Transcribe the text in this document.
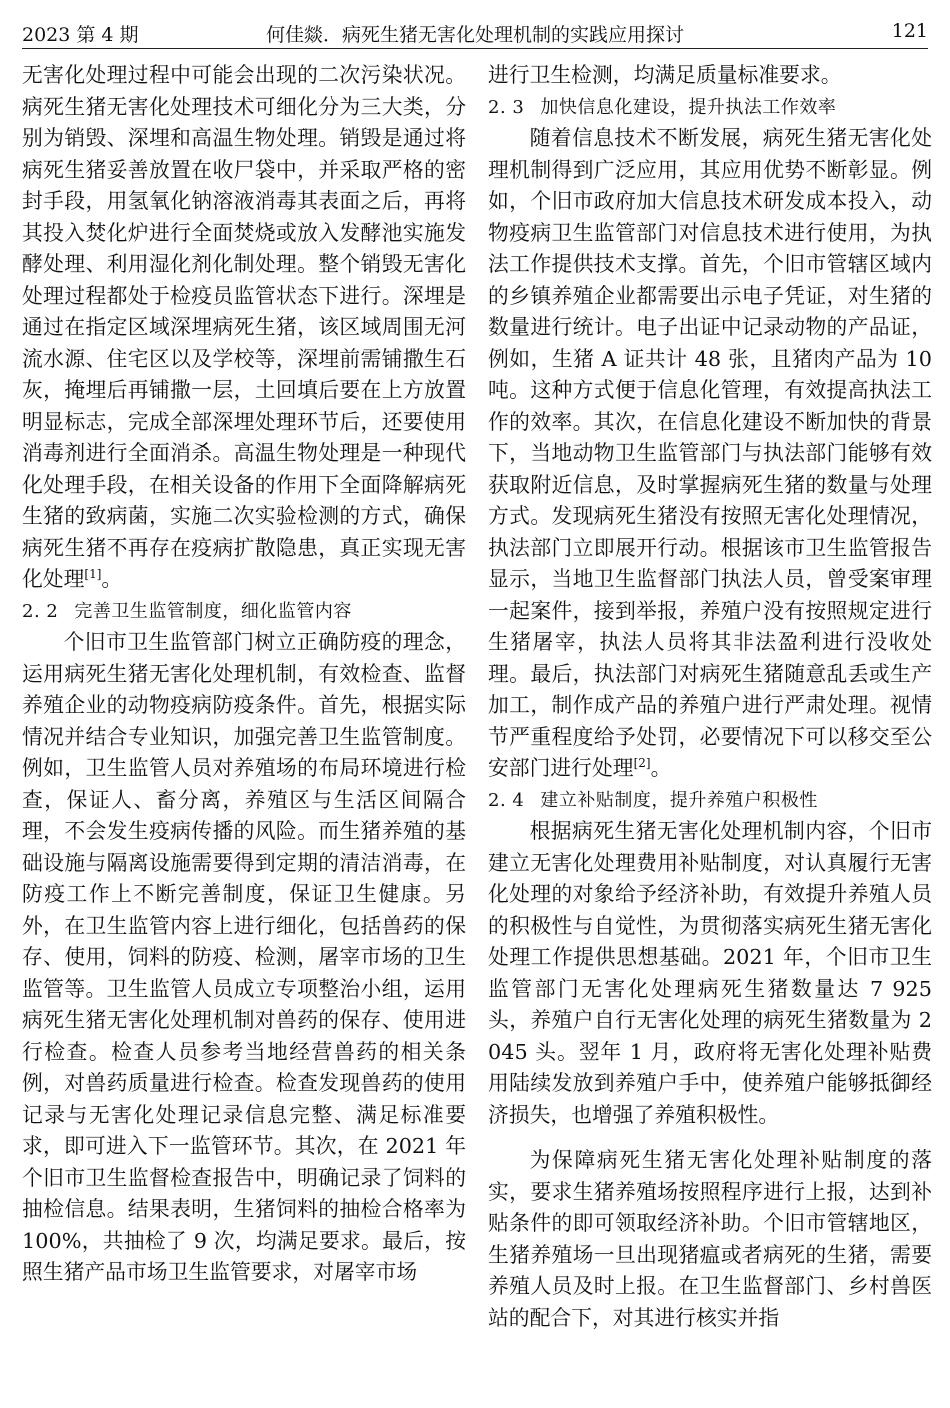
2023 第 4 期	何佳燚．病死生猪无害化处理机制的实践应用探讨	121

无害化处理过程中可能会出现的二次污染状况。病死生猪无害化处理技术可细化分为三大类，分别为销毁、深埋和高温生物处理。销毁是通过将病死生猪妥善放置在收尸袋中，并采取严格的密封手段，用氢氧化钠溶液消毒其表面之后，再将其投入焚化炉进行全面焚烧或放入发酵池实施发酵处理、利用湿化剂化制处理。整个销毁无害化处理过程都处于检疫员监管状态下进行。深埋是通过在指定区域深埋病死生猪，该区域周围无河流水源、住宅区以及学校等，深埋前需铺撒生石灰，掩埋后再铺撒一层，土回填后要在上方放置明显标志，完成全部深埋处理环节后，还要使用消毒剂进行全面消杀。高温生物处理是一种现代化处理手段，在相关设备的作用下全面降解病死生猪的致病菌，实施二次实验检测的方式，确保病死生猪不再存在疫病扩散隐患，真正实现无害化处理[1]。

2. 2 完善卫生监管制度，细化监管内容

个旧市卫生监管部门树立正确防疫的理念，运用病死生猪无害化处理机制，有效检查、监督养殖企业的动物疫病防疫条件。首先，根据实际情况并结合专业知识，加强完善卫生监管制度。例如，卫生监管人员对养殖场的布局环境进行检查，保证人、畜分离，养殖区与生活区间隔合理，不会发生疫病传播的风险。而生猪养殖的基础设施与隔离设施需要得到定期的清洁消毒，在防疫工作上不断完善制度，保证卫生健康。另外，在卫生监管内容上进行细化，包括兽药的保存、使用，饲料的防疫、检测，屠宰市场的卫生监管等。卫生监管人员成立专项整治小组，运用病死生猪无害化处理机制对兽药的保存、使用进行检查。检查人员参考当地经营兽药的相关条例，对兽药质量进行检查。检查发现兽药的使用记录与无害化处理记录信息完整、满足标准要求，即可进入下一监管环节。其次，在 2021 年个旧市卫生监督检查报告中，明确记录了饲料的抽检信息。结果表明，生猪饲料的抽检合格率为 100%，共抽检了 9 次，均满足要求。最后，按照生猪产品市场卫生监管要求，对屠宰市场

进行卫生检测，均满足质量标准要求。

2. 3 加快信息化建设，提升执法工作效率

随着信息技术不断发展，病死生猪无害化处理机制得到广泛应用，其应用优势不断彰显。例如，个旧市政府加大信息技术研发成本投入，动物疫病卫生监管部门对信息技术进行使用，为执法工作提供技术支撑。首先，个旧市管辖区域内的乡镇养殖企业都需要出示电子凭证，对生猪的数量进行统计。电子出证中记录动物的产品证，例如，生猪 A 证共计 48 张，且猪肉产品为 10 吨。这种方式便于信息化管理，有效提高执法工作的效率。其次，在信息化建设不断加快的背景下，当地动物卫生监管部门与执法部门能够有效获取附近信息，及时掌握病死生猪的数量与处理方式。发现病死生猪没有按照无害化处理情况，执法部门立即展开行动。根据该市卫生监管报告显示，当地卫生监督部门执法人员，曾受案审理一起案件，接到举报，养殖户没有按照规定进行生猪屠宰，执法人员将其非法盈利进行没收处理。最后，执法部门对病死生猪随意乱丢或生产加工，制作成产品的养殖户进行严肃处理。视情节严重程度给予处罚，必要情况下可以移交至公安部门进行处理[2]。

2. 4 建立补贴制度，提升养殖户积极性

根据病死生猪无害化处理机制内容，个旧市建立无害化处理费用补贴制度，对认真履行无害化处理的对象给予经济补助，有效提升养殖人员的积极性与自觉性，为贯彻落实病死生猪无害化处理工作提供思想基础。2021 年，个旧市卫生监管部门无害化处理病死生猪数量达 7 925 头，养殖户自行无害化处理的病死生猪数量为 2 045 头。翌年 1 月，政府将无害化处理补贴费用陆续发放到养殖户手中，使养殖户能够抵御经济损失，也增强了养殖积极性。

为保障病死生猪无害化处理补贴制度的落实，要求生猪养殖场按照程序进行上报，达到补贴条件的即可领取经济补助。个旧市管辖地区，生猪养殖场一旦出现猪瘟或者病死的生猪，需要养殖人员及时上报。在卫生监督部门、乡村兽医站的配合下，对其进行核实并指
